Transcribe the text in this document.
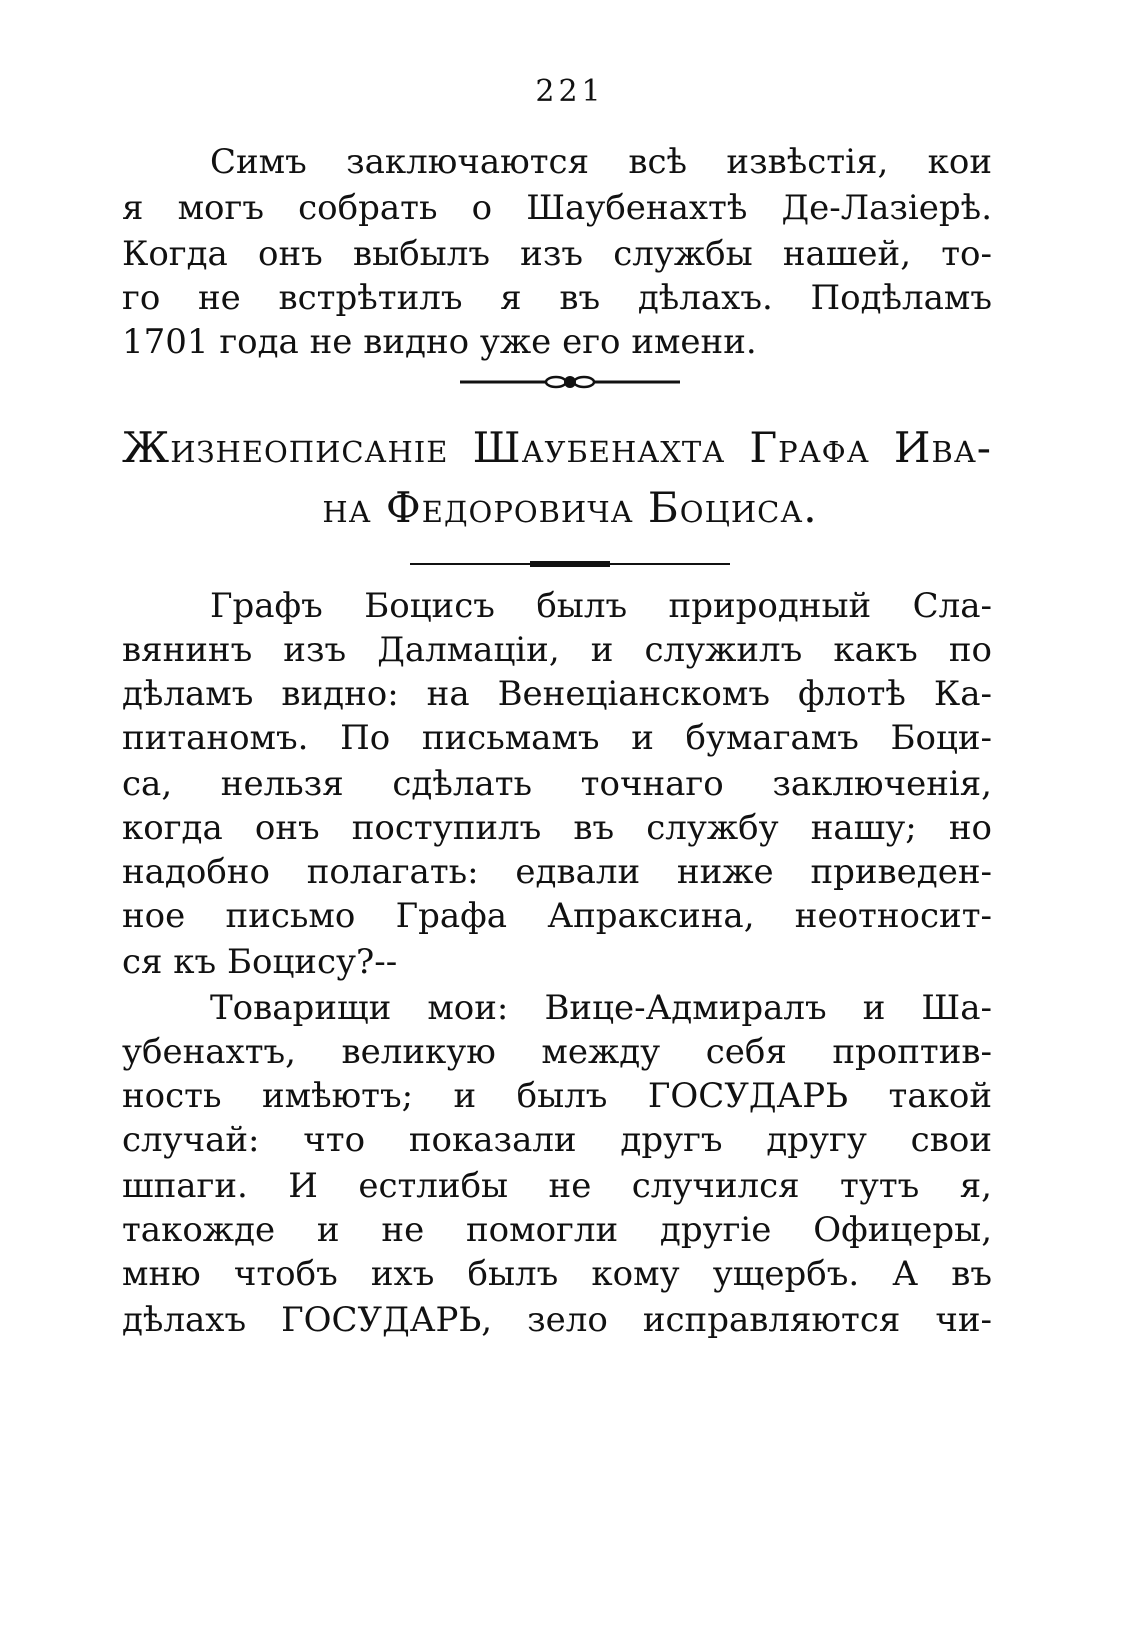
221
Симъ заключаются всѣ извѣстія, кои
я могъ собрать о Шаубенахтѣ Де-Лазіерѣ.
Когда онъ выбылъ изъ службы нашей, то-
го не встрѣтилъ я въ дѣлахъ. Подѣламъ
1701 года не видно уже его имени.
Жизнеописаніе Шаубенахта Графа Ива-
на Федоровича Боциса.
Графъ Боцисъ былъ природный Сла-
вянинъ изъ Далмаціи, и служилъ какъ по
дѣламъ видно: на Венеціанскомъ флотѣ Ка-
питаномъ. По письмамъ и бумагамъ Боци-
са, нельзя сдѣлать точнаго заключенія,
когда онъ поступилъ въ службу нашу; но
надобно полагать: едвали ниже приведен-
ное письмо Графа Апраксина, неотносит-
ся къ Боцису?--
Товарищи мои: Вице-Адмиралъ и Ша-
убенахтъ, великую между себя проптив-
ность имѣютъ; и былъ ГОСУДАРЬ такой
случай: что показали другъ другу свои
шпаги. И естлибы не случился тутъ я,
такожде и не помогли другіе Офицеры,
мню чтобъ ихъ былъ кому ущербъ. А въ
дѣлахъ ГОСУДАРЬ, зело исправляются чи-
